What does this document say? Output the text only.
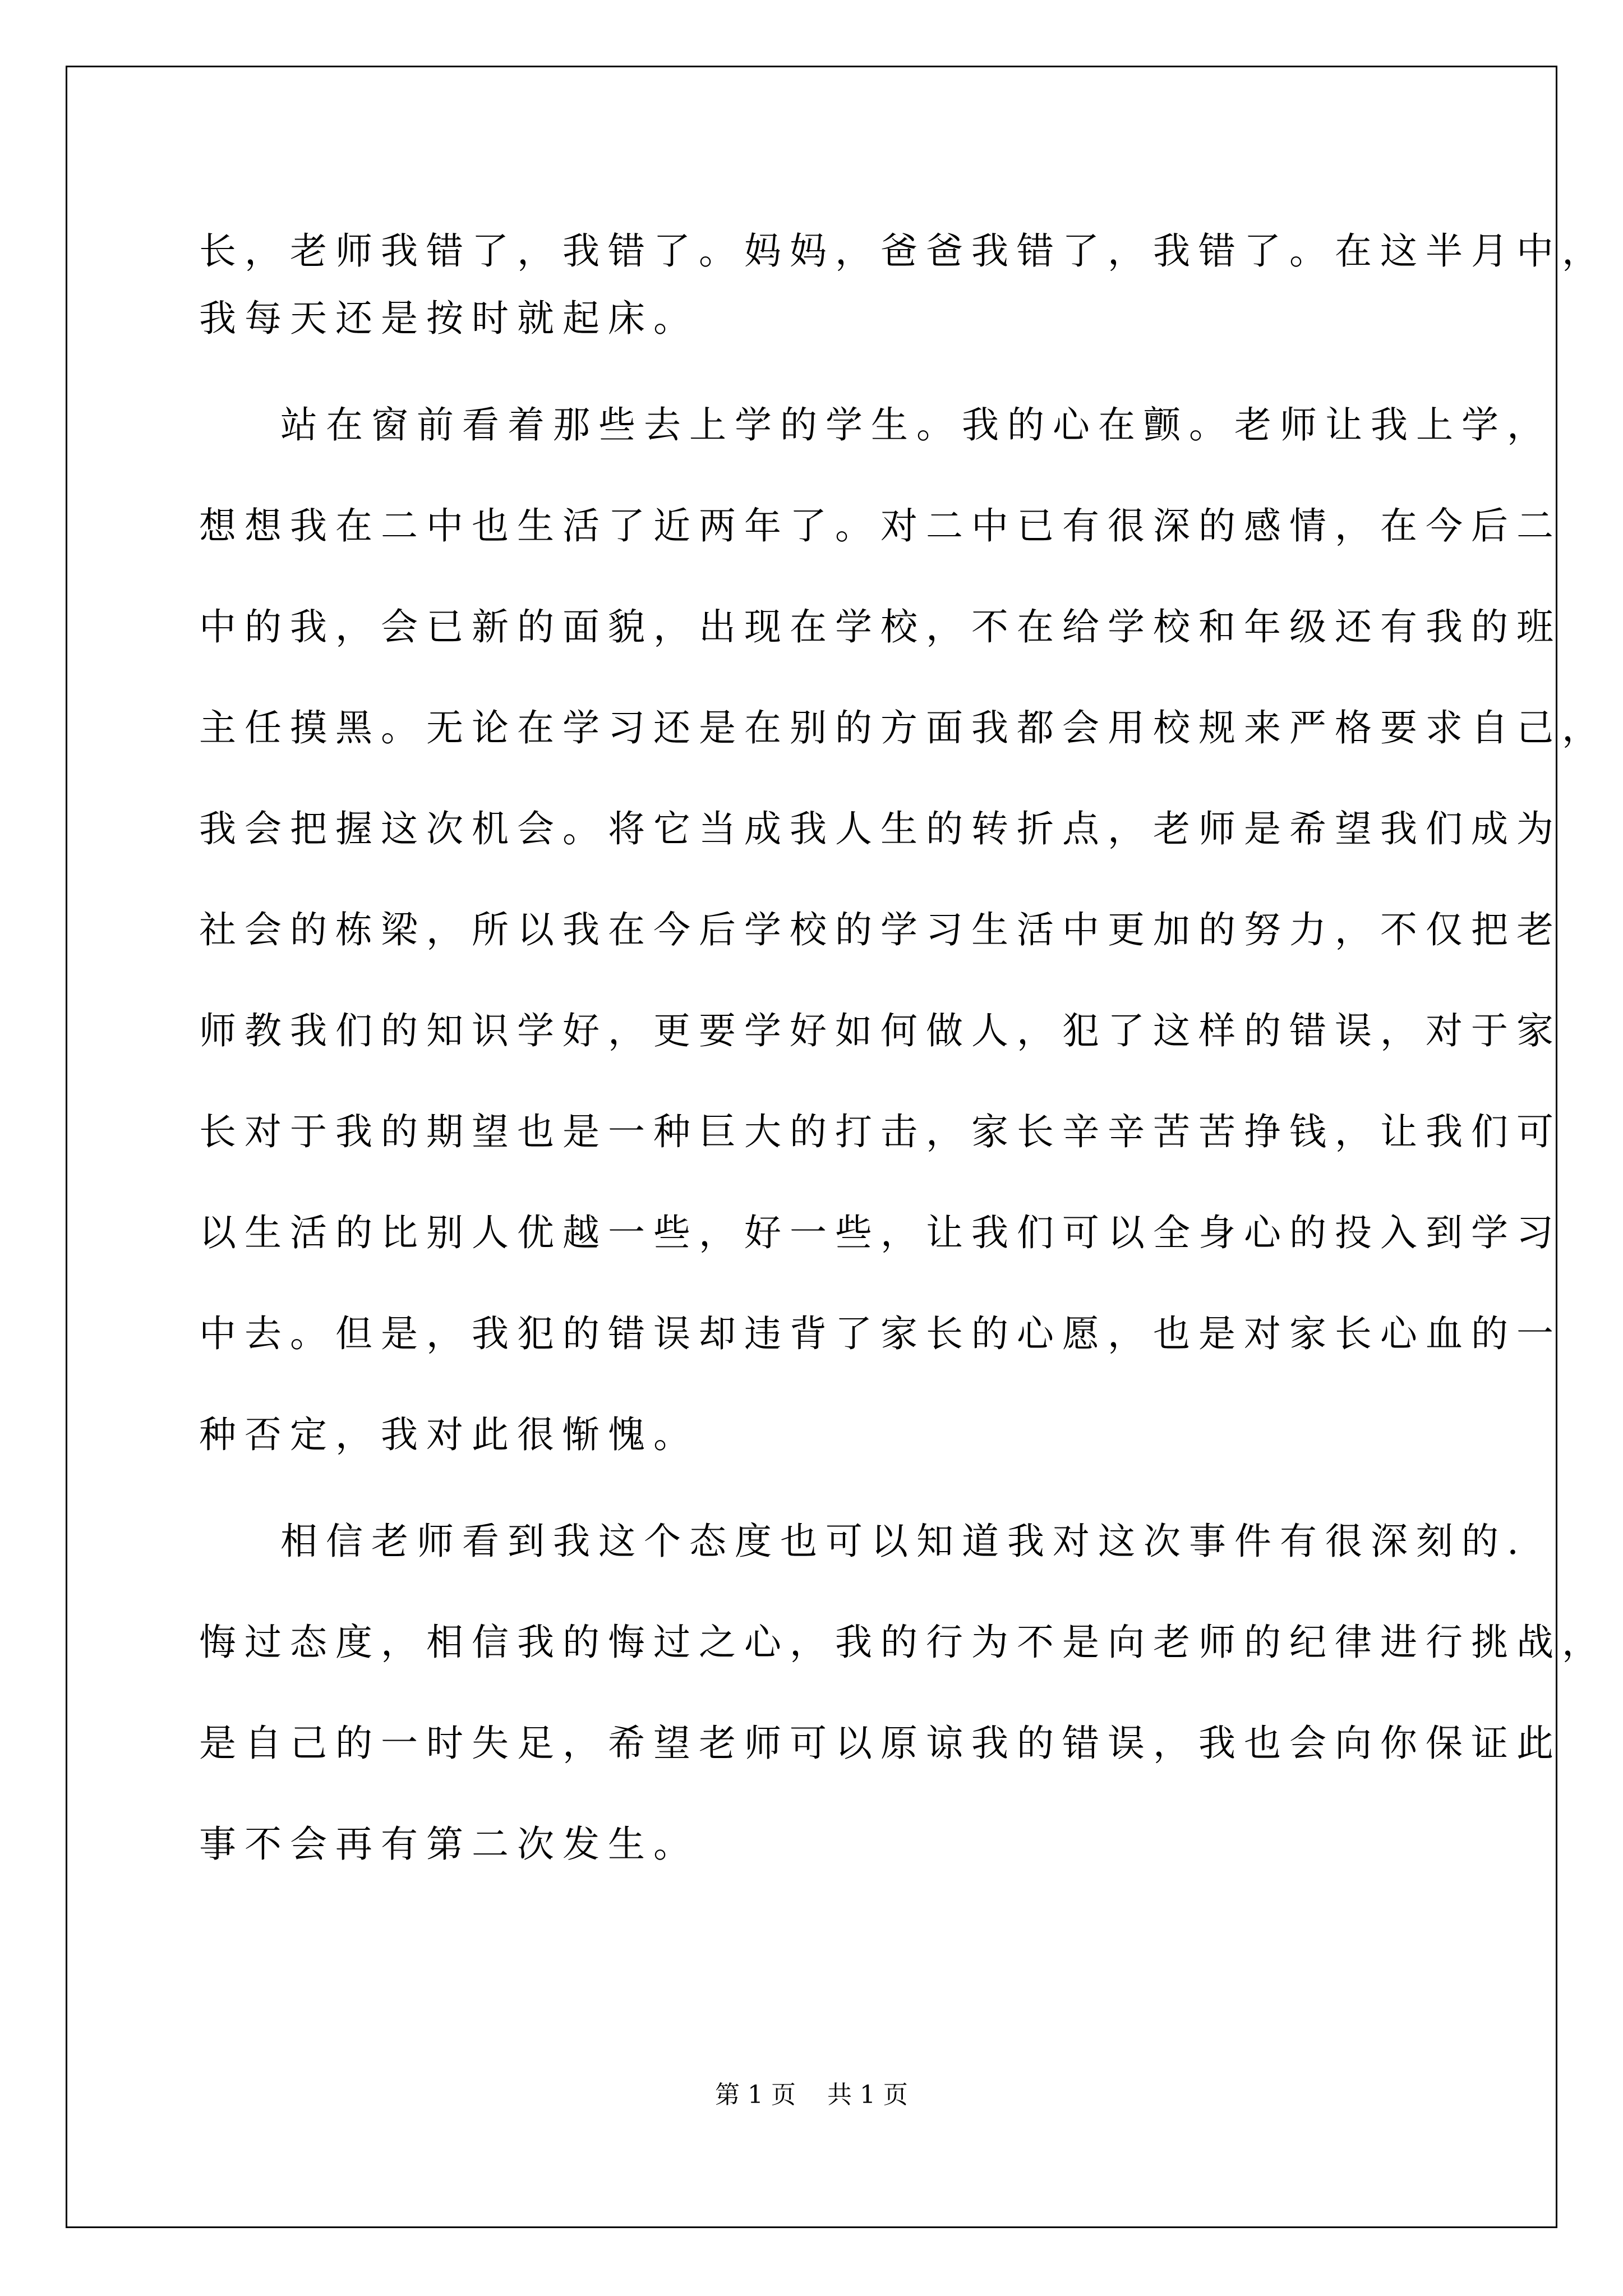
长，老师我错了，我错了。妈妈，爸爸我错了，我错了。在这半月中，
我每天还是按时就起床。
站在窗前看着那些去上学的学生。我的心在颤。老师让我上学，
想想我在二中也生活了近两年了。对二中已有很深的感情，在今后二
中的我，会已新的面貌，出现在学校，不在给学校和年级还有我的班
主任摸黑。无论在学习还是在别的方面我都会用校规来严格要求自己，
我会把握这次机会。将它当成我人生的转折点，老师是希望我们成为
社会的栋梁，所以我在今后学校的学习生活中更加的努力，不仅把老
师教我们的知识学好，更要学好如何做人，犯了这样的错误，对于家
长对于我的期望也是一种巨大的打击，家长辛辛苦苦挣钱，让我们可
以生活的比别人优越一些，好一些，让我们可以全身心的投入到学习
中去。但是，我犯的错误却违背了家长的心愿，也是对家长心血的一
种否定，我对此很惭愧。
相信老师看到我这个态度也可以知道我对这次事件有很深刻的.
悔过态度，相信我的悔过之心，我的行为不是向老师的纪律进行挑战，
是自己的一时失足，希望老师可以原谅我的错误，我也会向你保证此
事不会再有第二次发生。
第 1 页    共 1 页
